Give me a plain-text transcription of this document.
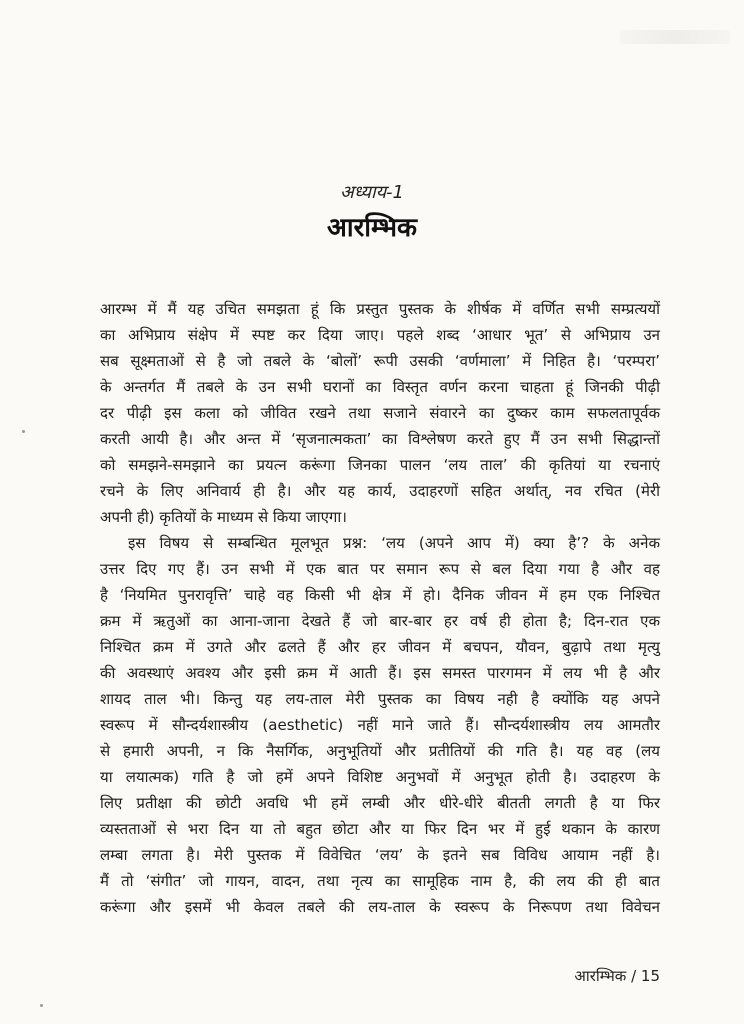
अध्याय-1
आरम्भिक
आरम्भ में मैं यह उचित समझता हूं कि प्रस्तुत पुस्तक के शीर्षक में वर्णित सभी सम्प्रत्ययों
का अभिप्राय संक्षेप में स्पष्ट कर दिया जाए। पहले शब्द ‘आधार भूत’ से अभिप्राय उन
सब सूक्ष्मताओं से है जो तबले के ‘बोलों’ रूपी उसकी ‘वर्णमाला’ में निहित है। ‘परम्परा’
के अन्तर्गत मैं तबले के उन सभी घरानों का विस्तृत वर्णन करना चाहता हूं जिनकी पीढ़ी
दर पीढ़ी इस कला को जीवित रखने तथा सजाने संवारने का दुष्कर काम सफलतापूर्वक
करती आयी है। और अन्त में ‘सृजनात्मकता’ का विश्लेषण करते हुए मैं उन सभी सिद्धान्तों
को समझने-समझाने का प्रयत्न करूंगा जिनका पालन ‘लय ताल’ की कृतियां या रचनाएं
रचने के लिए अनिवार्य ही है। और यह कार्य, उदाहरणों सहित अर्थात्, नव रचित (मेरी
अपनी ही) कृतियों के माध्यम से किया जाएगा।
इस विषय से सम्बन्धित मूलभूत प्रश्न: ‘लय (अपने आप में) क्या है’? के अनेक
उत्तर दिए गए हैं। उन सभी में एक बात पर समान रूप से बल दिया गया है और वह
है ‘नियमित पुनरावृत्ति’ चाहे वह किसी भी क्षेत्र में हो। दैनिक जीवन में हम एक निश्चित
क्रम में ऋतुओं का आना-जाना देखते हैं जो बार-बार हर वर्ष ही होता है; दिन-रात एक
निश्चित क्रम में उगते और ढलते हैं और हर जीवन में बचपन, यौवन, बुढ़ापे तथा मृत्यु
की अवस्थाएं अवश्य और इसी क्रम में आती हैं। इस समस्त पारगमन में लय भी है और
शायद ताल भी। किन्तु यह लय-ताल मेरी पुस्तक का विषय नही है क्योंकि यह अपने
स्वरूप में सौन्दर्यशास्त्रीय (aesthetic) नहीं माने जाते हैं। सौन्दर्यशास्त्रीय लय आमतौर
से हमारी अपनी, न कि नैसर्गिक, अनुभूतियों और प्रतीतियों की गति है। यह वह (लय
या लयात्मक) गति है जो हमें अपने विशिष्ट अनुभवों में अनुभूत होती है। उदाहरण के
लिए प्रतीक्षा की छोटी अवधि भी हमें लम्बी और धीरे-धीरे बीतती लगती है या फिर
व्यस्तताओं से भरा दिन या तो बहुत छोटा और या फिर दिन भर में हुई थकान के कारण
लम्बा लगता है। मेरी पुस्तक में विवेचित ‘लय’ के इतने सब विविध आयाम नहीं है।
मैं तो ‘संगीत’ जो गायन, वादन, तथा नृत्य का सामूहिक नाम है, की लय की ही बात
करूंगा और इसमें भी केवल तबले की लय-ताल के स्वरूप के निरूपण तथा विवेचन
आरम्भिक / 15
